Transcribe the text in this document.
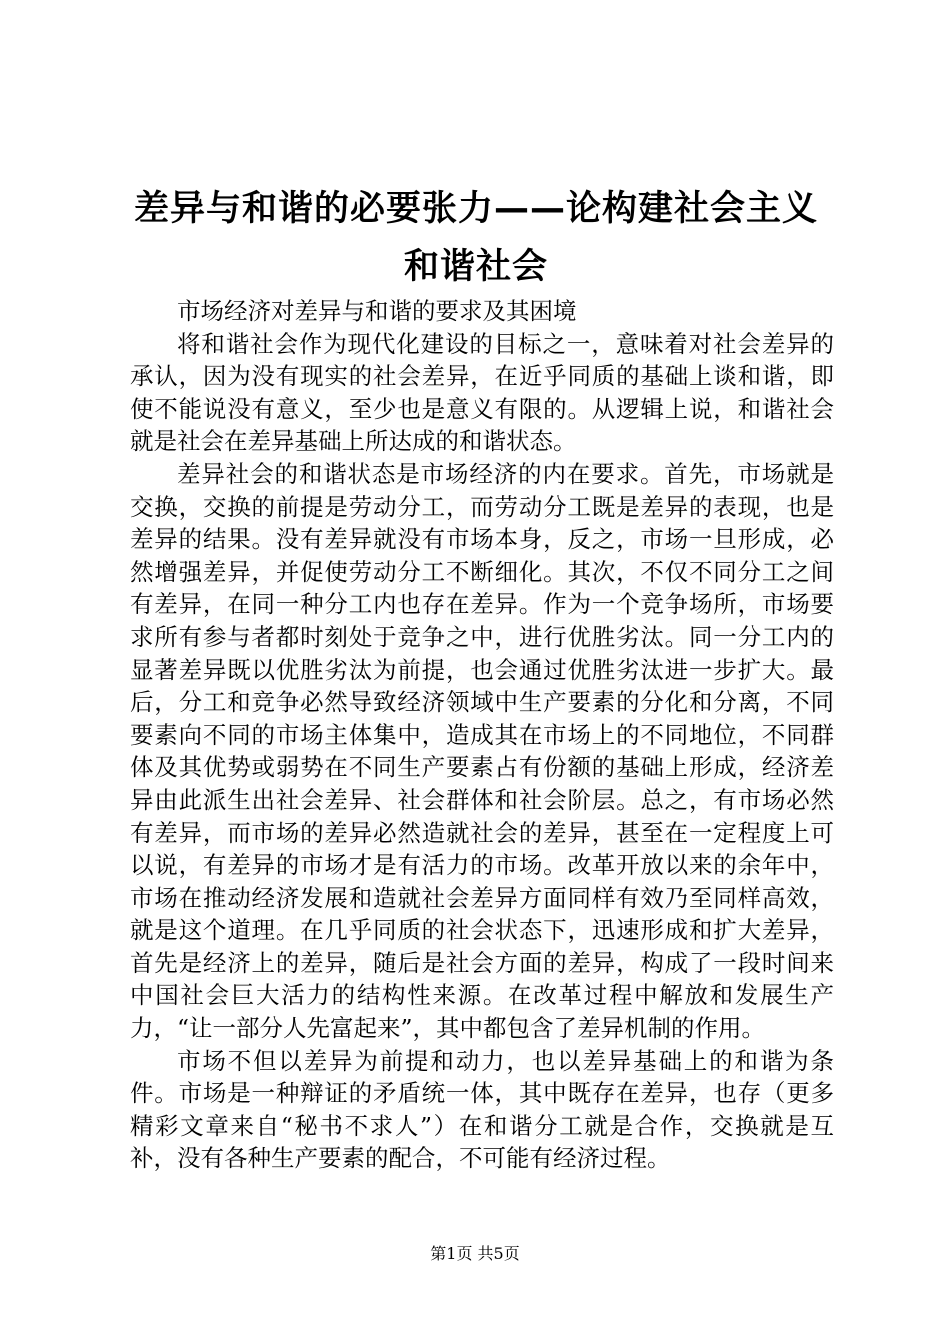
差异与和谐的必要张力——论构建社会主义和谐社会

市场经济对差异与和谐的要求及其困境

将和谐社会作为现代化建设的目标之一，意味着对社会差异的承认，因为没有现实的社会差异，在近乎同质的基础上谈和谐，即使不能说没有意义，至少也是意义有限的。从逻辑上说，和谐社会就是社会在差异基础上所达成的和谐状态。

差异社会的和谐状态是市场经济的内在要求。首先，市场就是交换，交换的前提是劳动分工，而劳动分工既是差异的表现，也是差异的结果。没有差异就没有市场本身，反之，市场一旦形成，必然增强差异，并促使劳动分工不断细化。其次，不仅不同分工之间有差异，在同一种分工内也存在差异。作为一个竞争场所，市场要求所有参与者都时刻处于竞争之中，进行优胜劣汰。同一分工内的显著差异既以优胜劣汰为前提，也会通过优胜劣汰进一步扩大。最后，分工和竞争必然导致经济领域中生产要素的分化和分离，不同要素向不同的市场主体集中，造成其在市场上的不同地位，不同群体及其优势或弱势在不同生产要素占有份额的基础上形成，经济差异由此派生出社会差异、社会群体和社会阶层。总之，有市场必然有差异，而市场的差异必然造就社会的差异，甚至在一定程度上可以说，有差异的市场才是有活力的市场。改革开放以来的余年中，市场在推动经济发展和造就社会差异方面同样有效乃至同样高效，就是这个道理。在几乎同质的社会状态下，迅速形成和扩大差异，首先是经济上的差异，随后是社会方面的差异，构成了一段时间来中国社会巨大活力的结构性来源。在改革过程中解放和发展生产力，“让一部分人先富起来”，其中都包含了差异机制的作用。

市场不但以差异为前提和动力，也以差异基础上的和谐为条件。市场是一种辩证的矛盾统一体，其中既存在差异，也存（更多精彩文章来自“秘书不求人”）在和谐分工就是合作，交换就是互补，没有各种生产要素的配合，不可能有经济过程。

第1页 共5页
